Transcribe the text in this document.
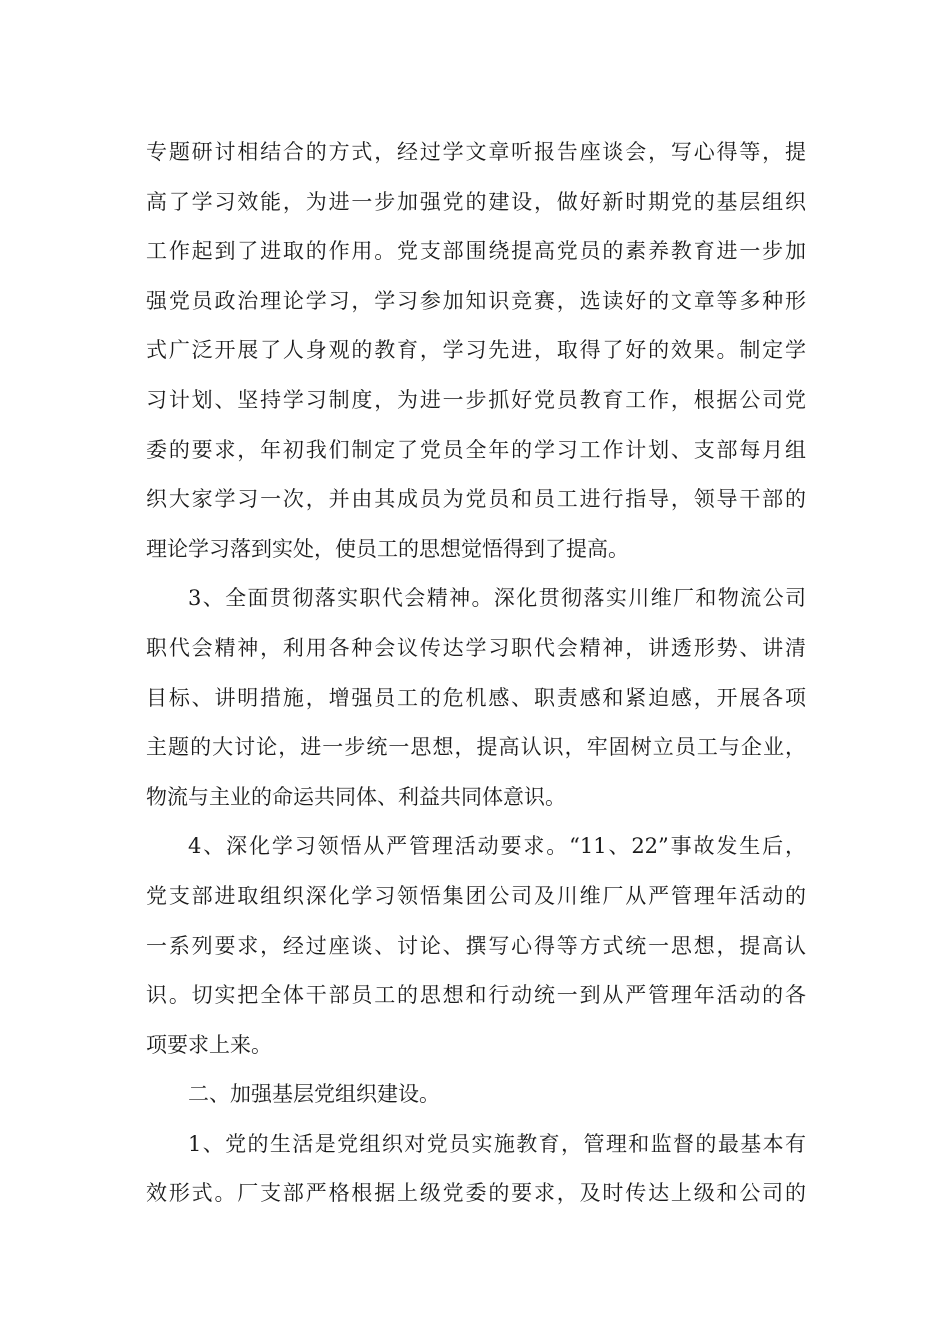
专题研讨相结合的方式，经过学文章听报告座谈会，写心得等，提
高了学习效能，为进一步加强党的建设，做好新时期党的基层组织
工作起到了进取的作用。党支部围绕提高党员的素养教育进一步加
强党员政治理论学习，学习参加知识竞赛，选读好的文章等多种形
式广泛开展了人身观的教育，学习先进，取得了好的效果。制定学
习计划、坚持学习制度，为进一步抓好党员教育工作，根据公司党
委的要求，年初我们制定了党员全年的学习工作计划、支部每月组
织大家学习一次，并由其成员为党员和员工进行指导，领导干部的
理论学习落到实处，使员工的思想觉悟得到了提高。
3、全面贯彻落实职代会精神。深化贯彻落实川维厂和物流公司
职代会精神，利用各种会议传达学习职代会精神，讲透形势、讲清
目标、讲明措施，增强员工的危机感、职责感和紧迫感，开展各项
主题的大讨论，进一步统一思想，提高认识，牢固树立员工与企业，
物流与主业的命运共同体、利益共同体意识。
4、深化学习领悟从严管理活动要求。“11、22”事故发生后，
党支部进取组织深化学习领悟集团公司及川维厂从严管理年活动的
一系列要求，经过座谈、讨论、撰写心得等方式统一思想，提高认
识。切实把全体干部员工的思想和行动统一到从严管理年活动的各
项要求上来。
二、加强基层党组织建设。
1、党的生活是党组织对党员实施教育，管理和监督的最基本有
效形式。厂支部严格根据上级党委的要求，及时传达上级和公司的
